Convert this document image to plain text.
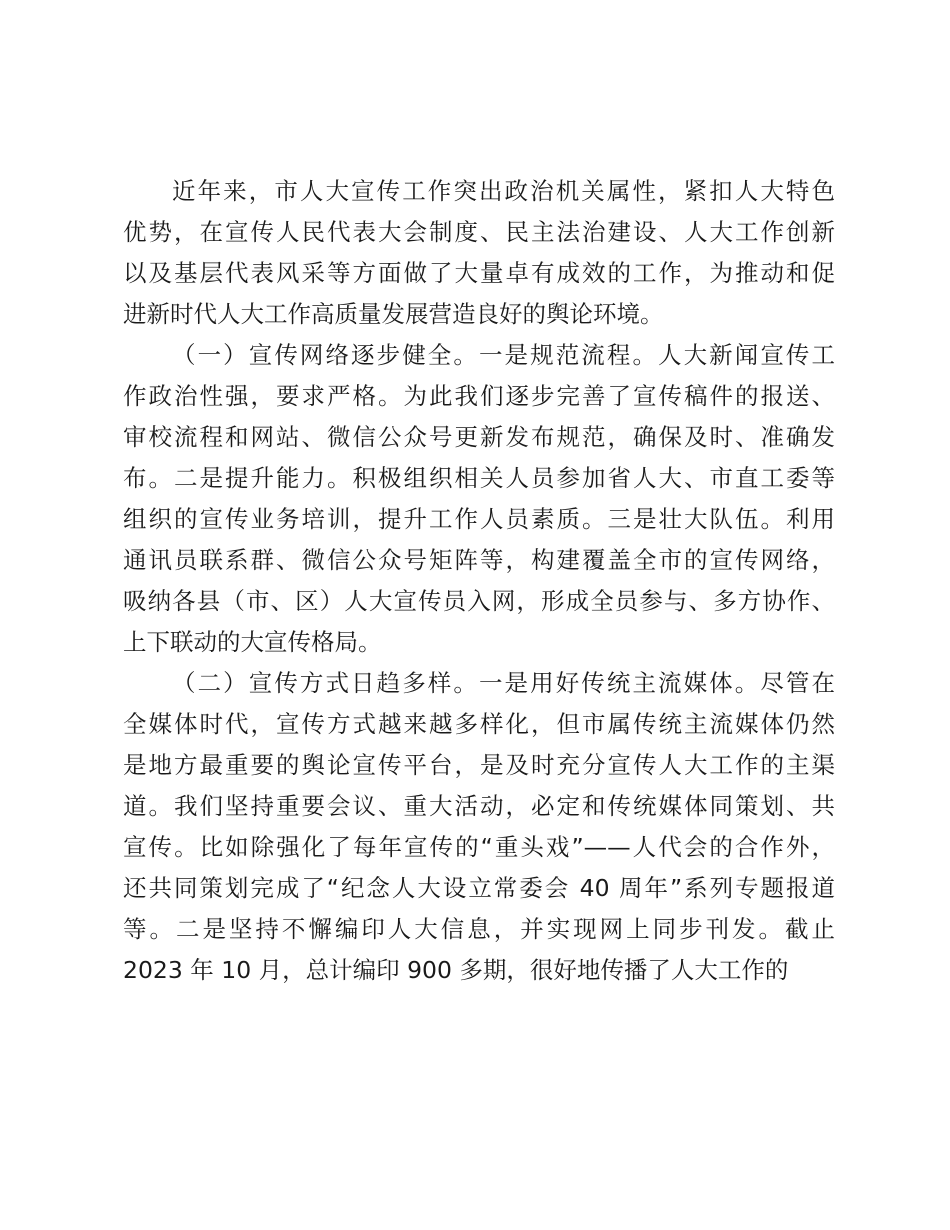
近年来，市人大宣传工作突出政治机关属性，紧扣人大特色
优势，在宣传人民代表大会制度、民主法治建设、人大工作创新
以及基层代表风采等方面做了大量卓有成效的工作，为推动和促
进新时代人大工作高质量发展营造良好的舆论环境。
（一）宣传网络逐步健全。一是规范流程。人大新闻宣传工
作政治性强，要求严格。为此我们逐步完善了宣传稿件的报送、
审校流程和网站、微信公众号更新发布规范，确保及时、准确发
布。二是提升能力。积极组织相关人员参加省人大、市直工委等
组织的宣传业务培训，提升工作人员素质。三是壮大队伍。利用
通讯员联系群、微信公众号矩阵等，构建覆盖全市的宣传网络，
吸纳各县（市、区）人大宣传员入网，形成全员参与、多方协作、
上下联动的大宣传格局。
（二）宣传方式日趋多样。一是用好传统主流媒体。尽管在
全媒体时代，宣传方式越来越多样化，但市属传统主流媒体仍然
是地方最重要的舆论宣传平台，是及时充分宣传人大工作的主渠
道。我们坚持重要会议、重大活动，必定和传统媒体同策划、共
宣传。比如除强化了每年宣传的“重头戏”——人代会的合作外，
还共同策划完成了“纪念人大设立常委会 40 周年”系列专题报道
等。二是坚持不懈编印人大信息，并实现网上同步刊发。截止
2023 年 10 月，总计编印 900 多期，很好地传播了人大工作的
